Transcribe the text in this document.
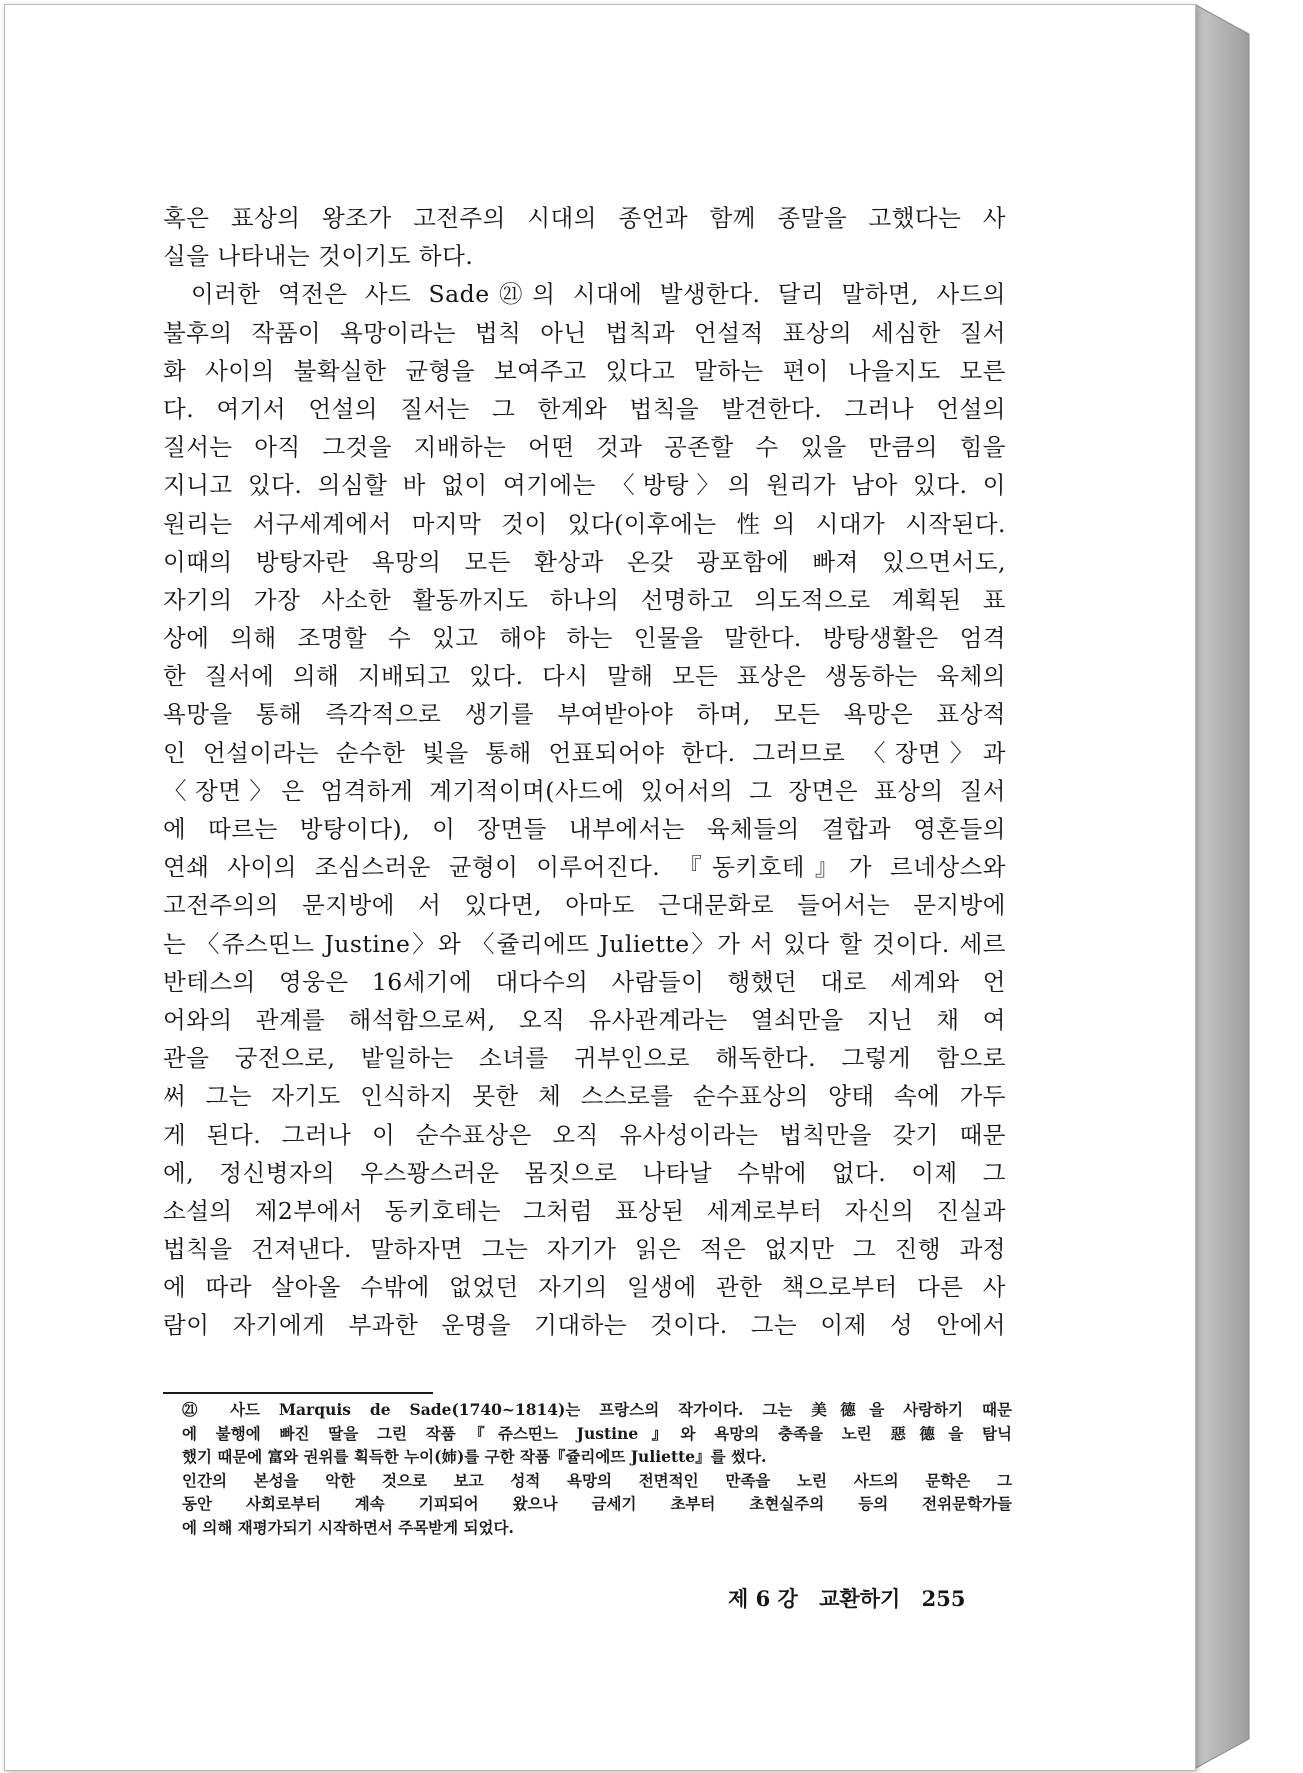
혹은 표상의 왕조가 고전주의 시대의 종언과 함께 종말을 고했다는 사
실을 나타내는 것이기도 하다.
이러한 역전은 사드 Sade㉑의 시대에 발생한다. 달리 말하면, 사드의
불후의 작품이 욕망이라는 법칙 아닌 법칙과 언설적 표상의 세심한 질서
화 사이의 불확실한 균형을 보여주고 있다고 말하는 편이 나을지도 모른
다. 여기서 언설의 질서는 그 한계와 법칙을 발견한다. 그러나 언설의
질서는 아직 그것을 지배하는 어떤 것과 공존할 수 있을 만큼의 힘을
지니고 있다. 의심할 바 없이 여기에는 〈방탕〉의 원리가 남아 있다. 이
원리는 서구세계에서 마지막 것이 있다(이후에는 性의 시대가 시작된다.
이때의 방탕자란 욕망의 모든 환상과 온갖 광포함에 빠져 있으면서도,
자기의 가장 사소한 활동까지도 하나의 선명하고 의도적으로 계획된 표
상에 의해 조명할 수 있고 해야 하는 인물을 말한다. 방탕생활은 엄격
한 질서에 의해 지배되고 있다. 다시 말해 모든 표상은 생동하는 육체의
욕망을 통해 즉각적으로 생기를 부여받아야 하며, 모든 욕망은 표상적
인 언설이라는 순수한 빛을 통해 언표되어야 한다. 그러므로 〈장면〉과
〈장면〉은 엄격하게 계기적이며(사드에 있어서의 그 장면은 표상의 질서
에 따르는 방탕이다), 이 장면들 내부에서는 육체들의 결합과 영혼들의
연쇄 사이의 조심스러운 균형이 이루어진다. 『동키호테』가 르네상스와
고전주의의 문지방에 서 있다면, 아마도 근대문화로 들어서는 문지방에
는 〈쥬스띤느 Justine〉와 〈쥴리에뜨 Juliette〉가 서 있다 할 것이다. 세르
반테스의 영웅은 16세기에 대다수의 사람들이 행했던 대로 세계와 언
어와의 관계를 해석함으로써, 오직 유사관계라는 열쇠만을 지닌 채 여
관을 궁전으로, 밭일하는 소녀를 귀부인으로 해독한다. 그렇게 함으로
써 그는 자기도 인식하지 못한 체 스스로를 순수표상의 양태 속에 가두
게 된다. 그러나 이 순수표상은 오직 유사성이라는 법칙만을 갖기 때문
에, 정신병자의 우스꽝스러운 몸짓으로 나타날 수밖에 없다. 이제 그
소설의 제2부에서 동키호테는 그처럼 표상된 세계로부터 자신의 진실과
법칙을 건져낸다. 말하자면 그는 자기가 읽은 적은 없지만 그 진행 과정
에 따라 살아올 수밖에 없었던 자기의 일생에 관한 책으로부터 다른 사
람이 자기에게 부과한 운명을 기대하는 것이다. 그는 이제 성 안에서
㉑ 사드 Marquis de Sade(1740~1814)는 프랑스의 작가이다. 그는 美德을 사랑하기 때문
에 불행에 빠진 딸을 그린 작품『쥬스띤느 Justine』와 욕망의 충족을 노린 惡德을 탐닉
했기 때문에 富와 권위를 획득한 누이(姉)를 구한 작품『쥴리에뜨 Juliette』를 썼다.
인간의 본성을 악한 것으로 보고 성적 욕망의 전면적인 만족을 노린 사드의 문학은 그
동안 사회로부터 계속 기피되어 왔으나 금세기 초부터 초현실주의 등의 전위문학가들
에 의해 재평가되기 시작하면서 주목받게 되었다.
제 6 강 교환하기 255
